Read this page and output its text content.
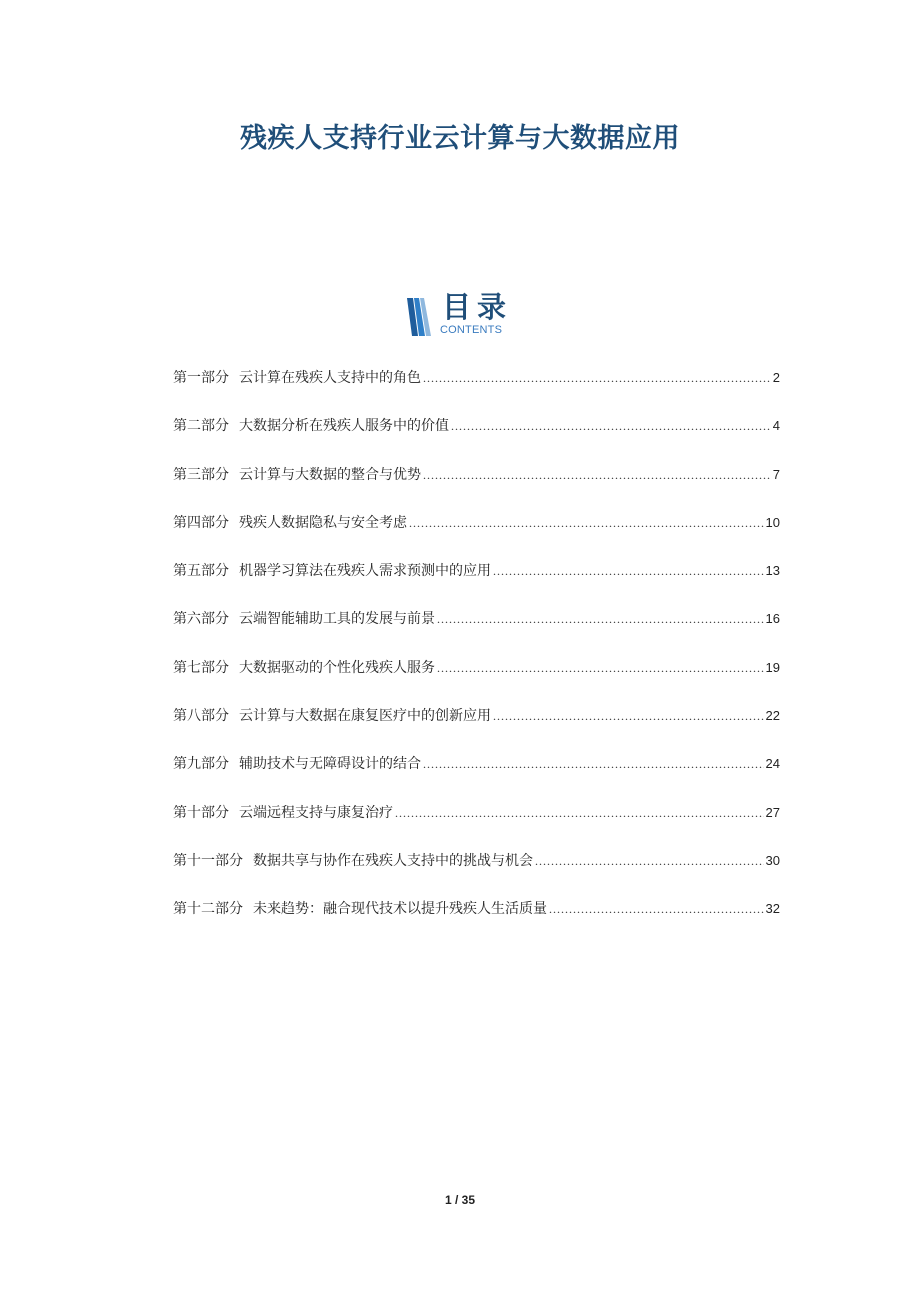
残疾人支持行业云计算与大数据应用
目录
CONTENTS
第一部分 云计算在残疾人支持中的角色 .....	2
第二部分 大数据分析在残疾人服务中的价值 .....	4
第三部分 云计算与大数据的整合与优势 .....	7
第四部分 残疾人数据隐私与安全考虑 .....	10
第五部分 机器学习算法在残疾人需求预测中的应用 .....	13
第六部分 云端智能辅助工具的发展与前景 .....	16
第七部分 大数据驱动的个性化残疾人服务 .....	19
第八部分 云计算与大数据在康复医疗中的创新应用 .....	22
第九部分 辅助技术与无障碍设计的结合 .....	24
第十部分 云端远程支持与康复治疗 .....	27
第十一部分 数据共享与协作在残疾人支持中的挑战与机会 .....	30
第十二部分 未来趋势：融合现代技术以提升残疾人生活质量 .....	32
1 / 35
